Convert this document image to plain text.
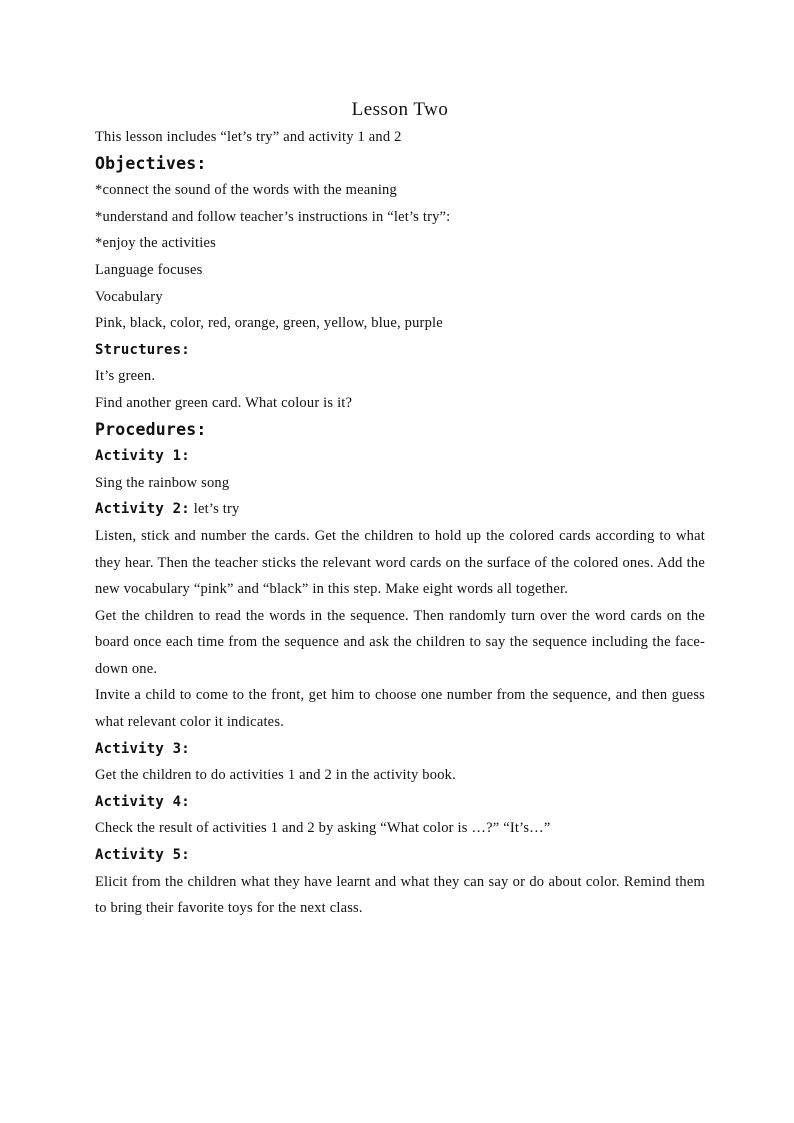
Lesson Two

This lesson includes “let’s try” and activity 1 and 2

Objectives:

*connect the sound of the words with the meaning

*understand and follow teacher’s instructions in “let’s try”:

*enjoy the activities

Language focuses

Vocabulary

Pink, black, color, red, orange, green, yellow, blue, purple

Structures:

It’s green.

Find another green card. What colour is it?

Procedures:

Activity 1:

Sing the rainbow song

Activity 2: let’s try

Listen, stick and number the cards. Get the children to hold up the colored cards according to what they hear. Then the teacher sticks the relevant word cards on the surface of the colored ones. Add the new vocabulary “pink” and “black” in this step. Make eight words all together.

Get the children to read the words in the sequence. Then randomly turn over the word cards on the board once each time from the sequence and ask the children to say the sequence including the face-down one.

Invite a child to come to the front, get him to choose one number from the sequence, and then guess what relevant color it indicates.

Activity 3:

Get the children to do activities 1 and 2 in the activity book.

Activity 4:

Check the result of activities 1 and 2 by asking “What color is …?” “It’s…”

Activity 5:

Elicit from the children what they have learnt and what they can say or do about color. Remind them to bring their favorite toys for the next class.
